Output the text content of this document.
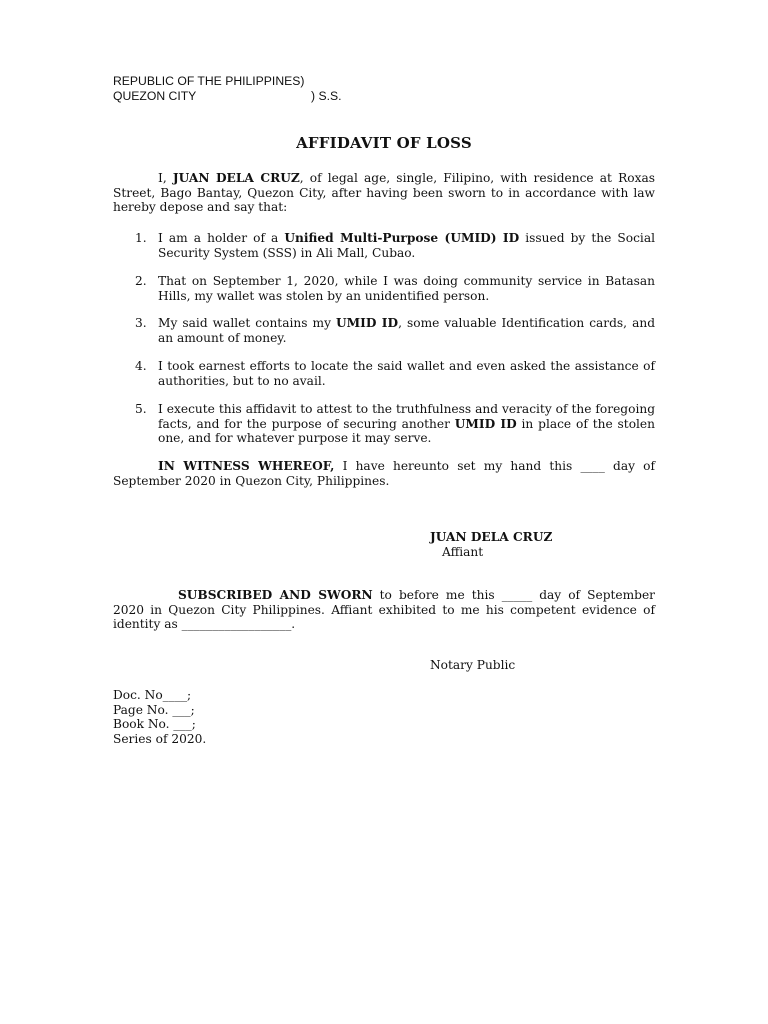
REPUBLIC OF THE PHILIPPINES)
QUEZON CITY	) S.S.
AFFIDAVIT OF LOSS

I, JUAN DELA CRUZ, of legal age, single, Filipino, with residence at Roxas Street, Bago Bantay, Quezon City, after having been sworn to in accordance with law hereby depose and say that:

1. I am a holder of a Unified Multi-Purpose (UMID) ID issued by the Social Security System (SSS) in Ali Mall, Cubao.
2. That on September 1, 2020, while I was doing community service in Batasan Hills, my wallet was stolen by an unidentified person.
3. My said wallet contains my UMID ID, some valuable Identification cards, and an amount of money.
4. I took earnest efforts to locate the said wallet and even asked the assistance of authorities, but to no avail.
5. I execute this affidavit to attest to the truthfulness and veracity of the foregoing facts, and for the purpose of securing another UMID ID in place of the stolen one, and for whatever purpose it may serve.

IN WITNESS WHEREOF, I have hereunto set my hand this ____ day of September 2020 in Quezon City, Philippines.

JUAN DELA CRUZ
Affiant

SUBSCRIBED AND SWORN to before me this _____ day of September 2020 in Quezon City Philippines. Affiant exhibited to me his competent evidence of identity as __________________.

Notary Public
Doc. No____;
Page No. ___;
Book No. ___;
Series of 2020.
